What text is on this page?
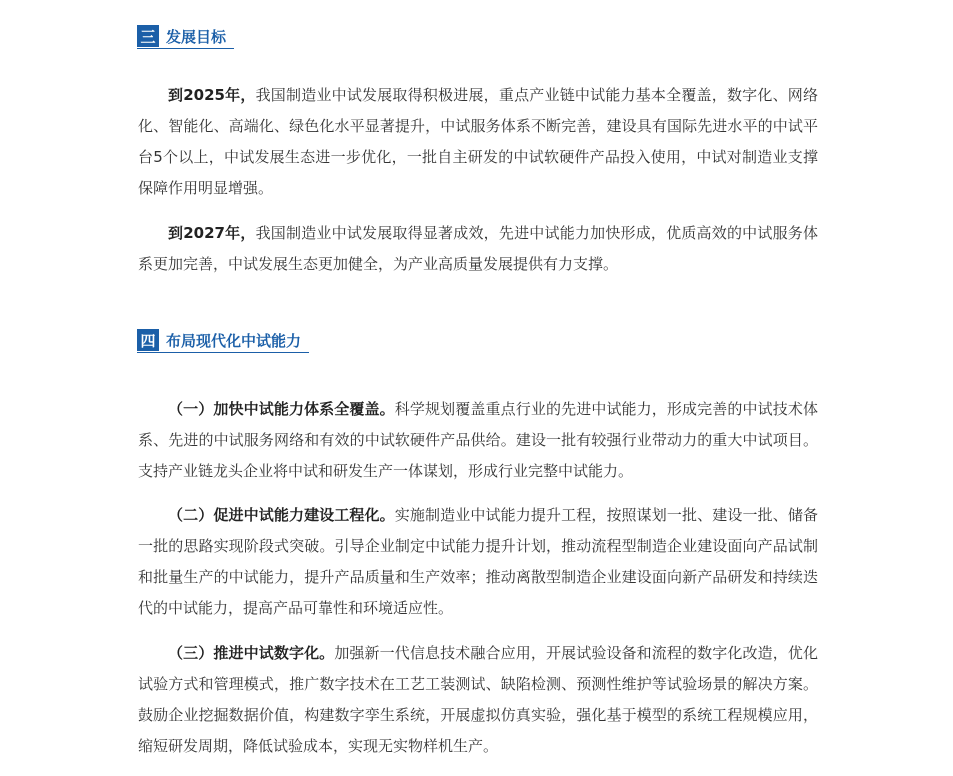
三 发展目标

到2025年，我国制造业中试发展取得积极进展，重点产业链中试能力基本全覆盖，数字化、网络化、智能化、高端化、绿色化水平显著提升，中试服务体系不断完善，建设具有国际先进水平的中试平台5个以上，中试发展生态进一步优化，一批自主研发的中试软硬件产品投入使用，中试对制造业支撑保障作用明显增强。

到2027年，我国制造业中试发展取得显著成效，先进中试能力加快形成，优质高效的中试服务体系更加完善，中试发展生态更加健全，为产业高质量发展提供有力支撑。

四 布局现代化中试能力

（一）加快中试能力体系全覆盖。科学规划覆盖重点行业的先进中试能力，形成完善的中试技术体系、先进的中试服务网络和有效的中试软硬件产品供给。建设一批有较强行业带动力的重大中试项目。支持产业链龙头企业将中试和研发生产一体谋划，形成行业完整中试能力。

（二）促进中试能力建设工程化。实施制造业中试能力提升工程，按照谋划一批、建设一批、储备一批的思路实现阶段式突破。引导企业制定中试能力提升计划，推动流程型制造企业建设面向产品试制和批量生产的中试能力，提升产品质量和生产效率；推动离散型制造企业建设面向新产品研发和持续迭代的中试能力，提高产品可靠性和环境适应性。

（三）推进中试数字化。加强新一代信息技术融合应用，开展试验设备和流程的数字化改造，优化试验方式和管理模式，推广数字技术在工艺工装测试、缺陷检测、预测性维护等试验场景的解决方案。鼓励企业挖掘数据价值，构建数字孪生系统，开展虚拟仿真实验，强化基于模型的系统工程规模应用，缩短研发周期，降低试验成本，实现无实物样机生产。
